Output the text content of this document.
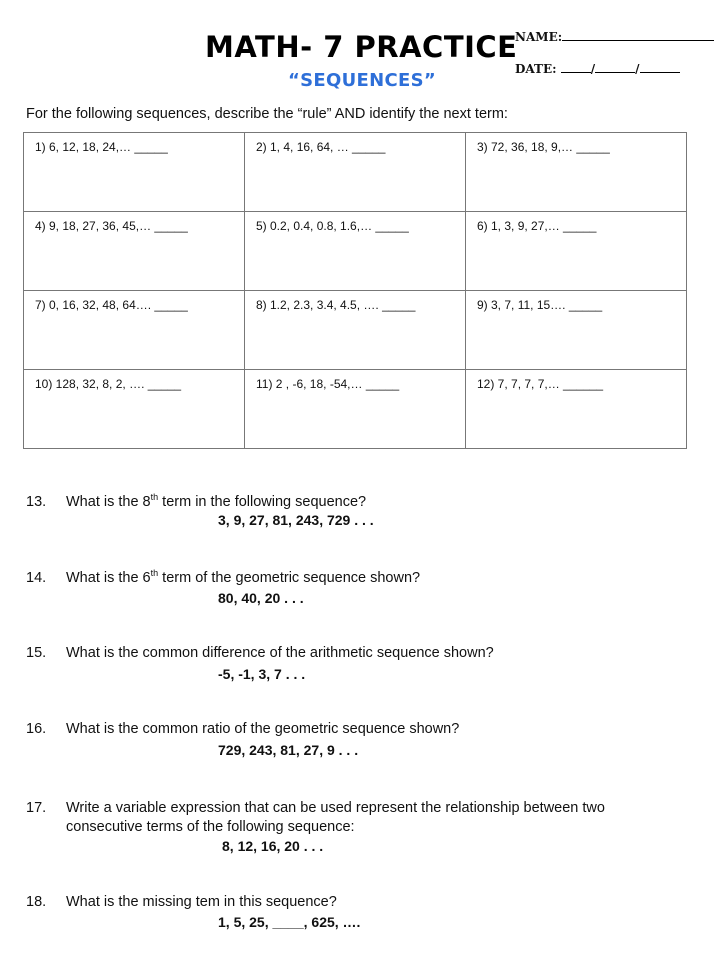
MATH- 7 PRACTICE
“SEQUENCES”
NAME:
DATE:	/	/
For the following sequences, describe the “rule” AND identify the next term:
1) 6, 12, 18, 24,… _____	2) 1, 4, 16, 64, … _____	3) 72, 36, 18, 9,… _____
4) 9, 18, 27, 36, 45,… _____	5) 0.2, 0.4, 0.8, 1.6,… _____	6) 1, 3, 9, 27,… _____
7) 0, 16, 32, 48, 64…. _____	8) 1.2, 2.3, 3.4, 4.5, …. _____	9) 3, 7, 11, 15…. _____
10) 128, 32, 8, 2, …. _____	11) 2 , -6, 18, -54,… _____	12) 7, 7, 7, 7,… ______
13. What is the 8th term in the following sequence?
3, 9, 27, 81, 243, 729 . . .
14. What is the 6th term of the geometric sequence shown?
80, 40, 20 . . .
15. What is the common difference of the arithmetic sequence shown?
-5, -1, 3, 7 . . .
16. What is the common ratio of the geometric sequence shown?
729, 243, 81, 27, 9 . . .
17. Write a variable expression that can be used represent the relationship between two
consecutive terms of the following sequence:
8, 12, 16, 20 . . .
18. What is the missing tem in this sequence?
1, 5, 25, ____, 625, ….
